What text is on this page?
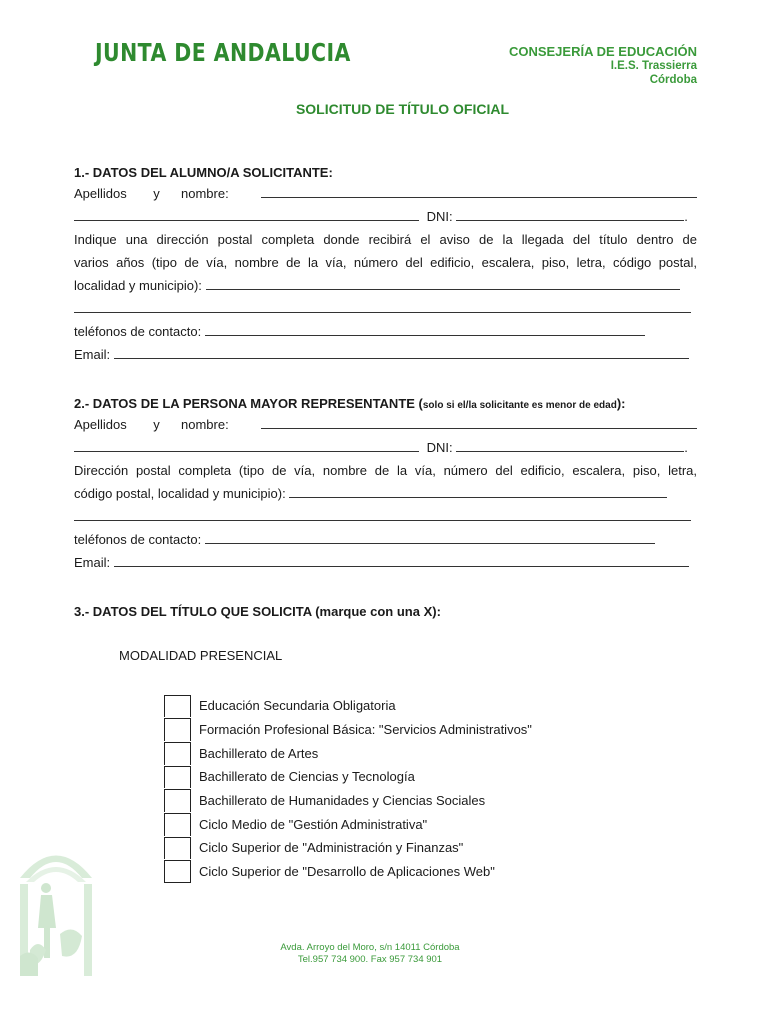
JUNTA DE ANDALUCIA	CONSEJERÍA DE EDUCACIÓN
I.E.S. Trassierra
Córdoba
SOLICITUD DE TÍTULO OFICIAL
1.- DATOS DEL ALUMNO/A SOLICITANTE:
Apellidos y nombre:
DNI:	.
Indique una dirección postal completa donde recibirá el aviso de la llegada del título dentro de
varios años (tipo de vía, nombre de la vía, número del edificio, escalera, piso, letra, código postal,
localidad y municipio):
teléfonos de contacto:
Email:
2.- DATOS DE LA PERSONA MAYOR REPRESENTANTE (solo si el/la solicitante es menor de edad):
Apellidos y nombre:
DNI:	.
Dirección postal completa (tipo de vía, nombre de la vía, número del edificio, escalera, piso, letra,
código postal, localidad y municipio):
teléfonos de contacto:
Email:
3.- DATOS DEL TÍTULO QUE SOLICITA (marque con una X):
MODALIDAD PRESENCIAL
Educación Secundaria Obligatoria
Formación Profesional Básica: "Servicios Administrativos"
Bachillerato de Artes
Bachillerato de Ciencias y Tecnología
Bachillerato de Humanidades y Ciencias Sociales
Ciclo Medio de "Gestión Administrativa"
Ciclo Superior de "Administración y Finanzas"
Ciclo Superior de "Desarrollo de Aplicaciones Web"
Avda. Arroyo del Moro, s/n 14011 Córdoba
Tel.957 734 900. Fax 957 734 901
